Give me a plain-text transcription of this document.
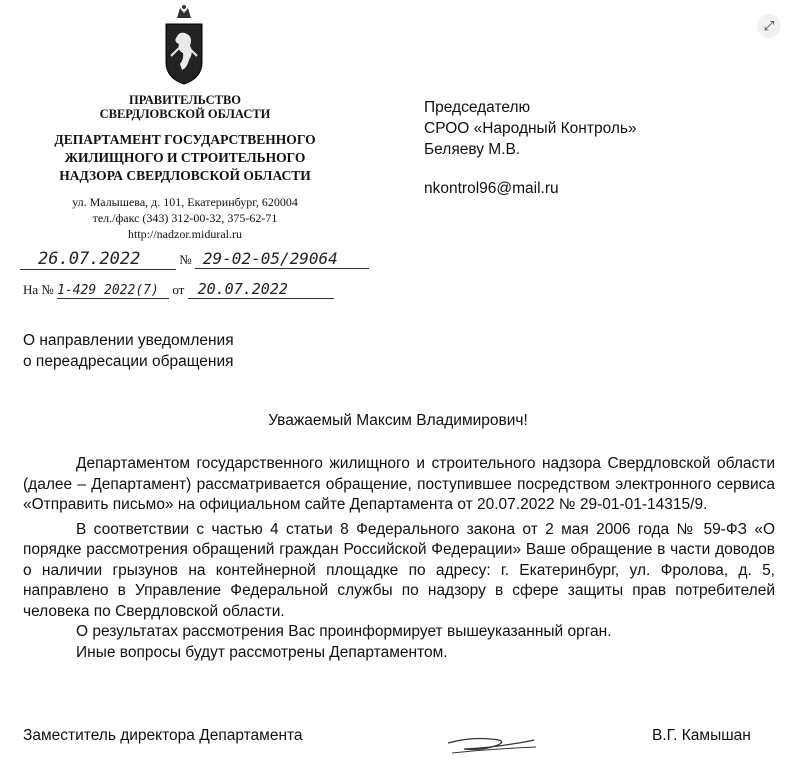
⤢
ПРАВИТЕЛЬСТВО
СВЕРДЛОВСКОЙ ОБЛАСТИ
ДЕПАРТАМЕНТ ГОСУДАРСТВЕННОГО
ЖИЛИЩНОГО И СТРОИТЕЛЬНОГО
НАДЗОРА СВЕРДЛОВСКОЙ ОБЛАСТИ
ул. Малышева, д. 101, Екатеринбург, 620004
тел./факс (343) 312-00-32, 375-62-71
http://nadzor.midural.ru
26.07.2022	№ 29-02-05/29064
На № 1-429 2022(7) от 20.07.2022
Председателю
СРОО «Народный Контроль»
Беляеву М.В.
nkontrol96@mail.ru
О направлении уведомления
о переадресации обращения
Уважаемый Максим Владимирович!

Департаментом государственного жилищного и строительного надзора Свердловской области (далее – Департамент) рассматривается обращение, поступившее посредством электронного сервиса «Отправить письмо» на официальном сайте Департамента от 20.07.2022 № 29-01-01-14315/9.

В соответствии с частью 4 статьи 8 Федерального закона от 2 мая 2006 года № 59-ФЗ «О порядке рассмотрения обращений граждан Российской Федерации» Ваше обращение в части доводов о наличии грызунов на контейнерной площадке по адресу: г. Екатеринбург, ул. Фролова, д. 5, направлено в Управление Федеральной службы по надзору в сфере защиты прав потребителей человека по Свердловской области.

О результатах рассмотрения Вас проинформирует вышеуказанный орган.

Иные вопросы будут рассмотрены Департаментом.

Заместитель директора Департамента	В.Г. Камышан
